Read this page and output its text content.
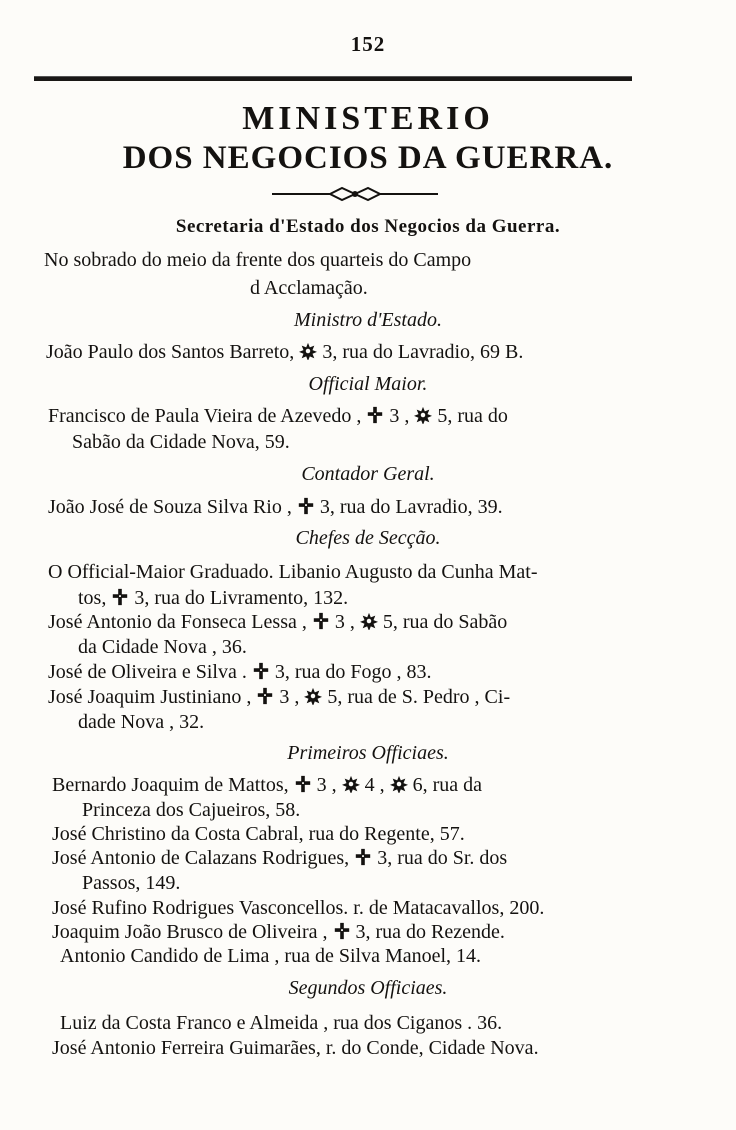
152
MINISTERIO
DOS NEGOCIOS DA GUERRA.
Secretaria d'Estado dos Negocios da Guerra.
No sobrado do meio da frente dos quarteis do Campo
d Acclamação.
Ministro d'Estado.
João Paulo dos Santos Barreto, 3, rua do Lavradio, 69 B.
Official Maior.
Francisco de Paula Vieira de Azevedo , 3 ,  5, rua do
Sabão da Cidade Nova, 59.
Contador Geral.
João José de Souza Silva Rio , 3, rua do Lavradio, 39.
Chefes de Secção.
O Official-Maior Graduado. Libanio Augusto da Cunha Mat-
tos, 3, rua do Livramento, 132.
José Antonio da Fonseca Lessa , 3 ,  5, rua do Sabão
da Cidade Nova , 36.
José de Oliveira e Silva . 3, rua do Fogo , 83.
José Joaquim Justiniano , 3 ,  5, rua de S. Pedro , Ci-
dade Nova , 32.
Primeiros Officiaes.
Bernardo Joaquim de Mattos, 3 ,  4 ,  6, rua da
Princeza dos Cajueiros, 58.
José Christino da Costa Cabral, rua do Regente, 57.
José Antonio de Calazans Rodrigues, 3, rua do Sr. dos
Passos, 149.
José Rufino Rodrigues Vasconcellos. r. de Matacavallos, 200.
Joaquim João Brusco de Oliveira , 3, rua do Rezende.
Antonio Candido de Lima , rua de Silva Manoel, 14.
Segundos Officiaes.
Luiz da Costa Franco e Almeida , rua dos Ciganos . 36.
José Antonio Ferreira Guimarães, r. do Conde, Cidade Nova.
